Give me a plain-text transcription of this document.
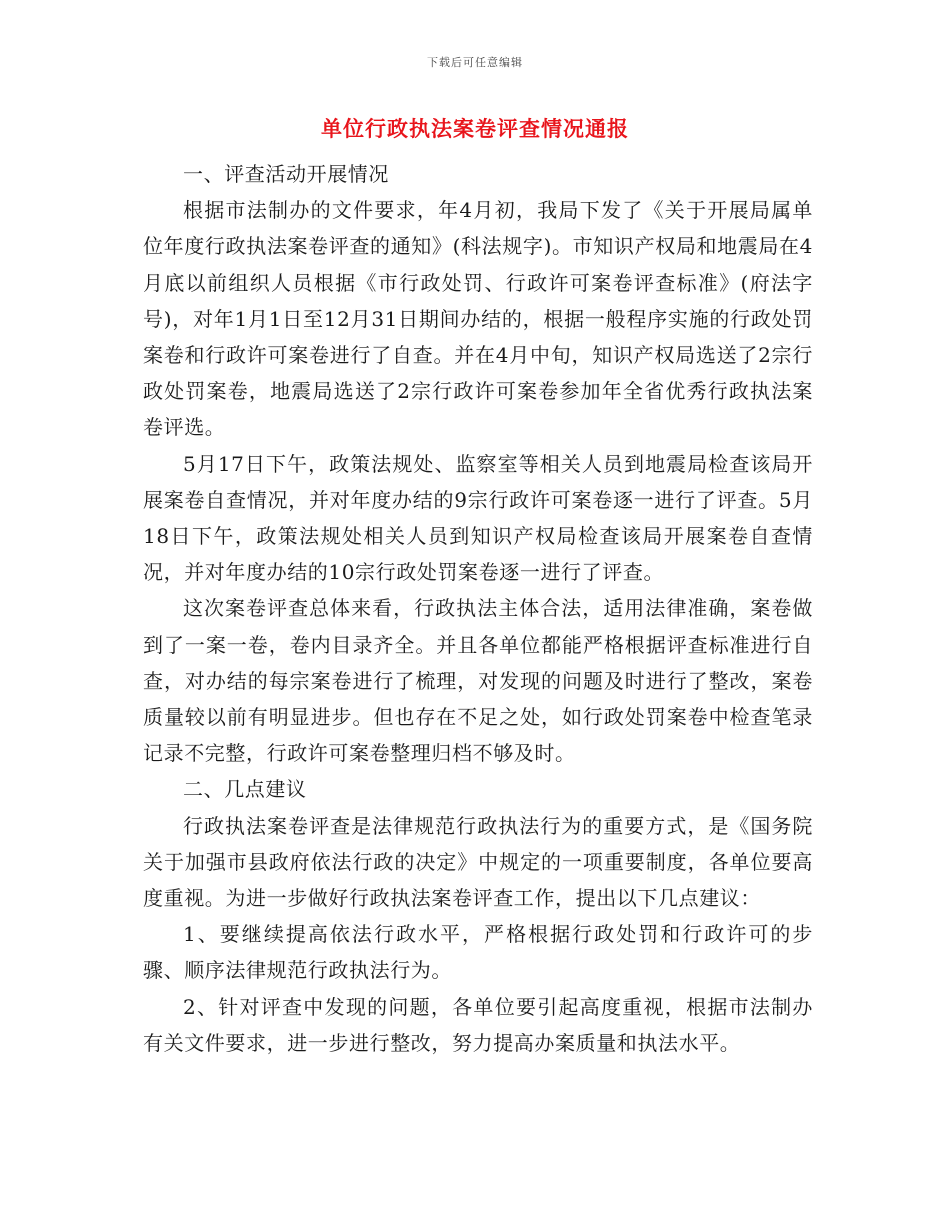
下载后可任意编辑
单位行政执法案卷评查情况通报

一、评查活动开展情况

根据市法制办的文件要求，年4月初，我局下发了《关于开展局属单位年度行政执法案卷评查的通知》(科法规字)。市知识产权局和地震局在4月底以前组织人员根据《市行政处罚、行政许可案卷评查标准》(府法字号)，对年1月1日至12月31日期间办结的，根据一般程序实施的行政处罚案卷和行政许可案卷进行了自查。并在4月中旬，知识产权局选送了2宗行政处罚案卷，地震局选送了2宗行政许可案卷参加年全省优秀行政执法案卷评选。

5月17日下午，政策法规处、监察室等相关人员到地震局检查该局开展案卷自查情况，并对年度办结的9宗行政许可案卷逐一进行了评查。5月18日下午，政策法规处相关人员到知识产权局检查该局开展案卷自查情况，并对年度办结的10宗行政处罚案卷逐一进行了评查。

这次案卷评查总体来看，行政执法主体合法，适用法律准确，案卷做到了一案一卷，卷内目录齐全。并且各单位都能严格根据评查标准进行自查，对办结的每宗案卷进行了梳理，对发现的问题及时进行了整改，案卷质量较以前有明显进步。但也存在不足之处，如行政处罚案卷中检查笔录记录不完整，行政许可案卷整理归档不够及时。

二、几点建议

行政执法案卷评查是法律规范行政执法行为的重要方式，是《国务院关于加强市县政府依法行政的决定》中规定的一项重要制度，各单位要高度重视。为进一步做好行政执法案卷评查工作，提出以下几点建议：

1、要继续提高依法行政水平，严格根据行政处罚和行政许可的步骤、顺序法律规范行政执法行为。

2、针对评查中发现的问题，各单位要引起高度重视，根据市法制办有关文件要求，进一步进行整改，努力提高办案质量和执法水平。
